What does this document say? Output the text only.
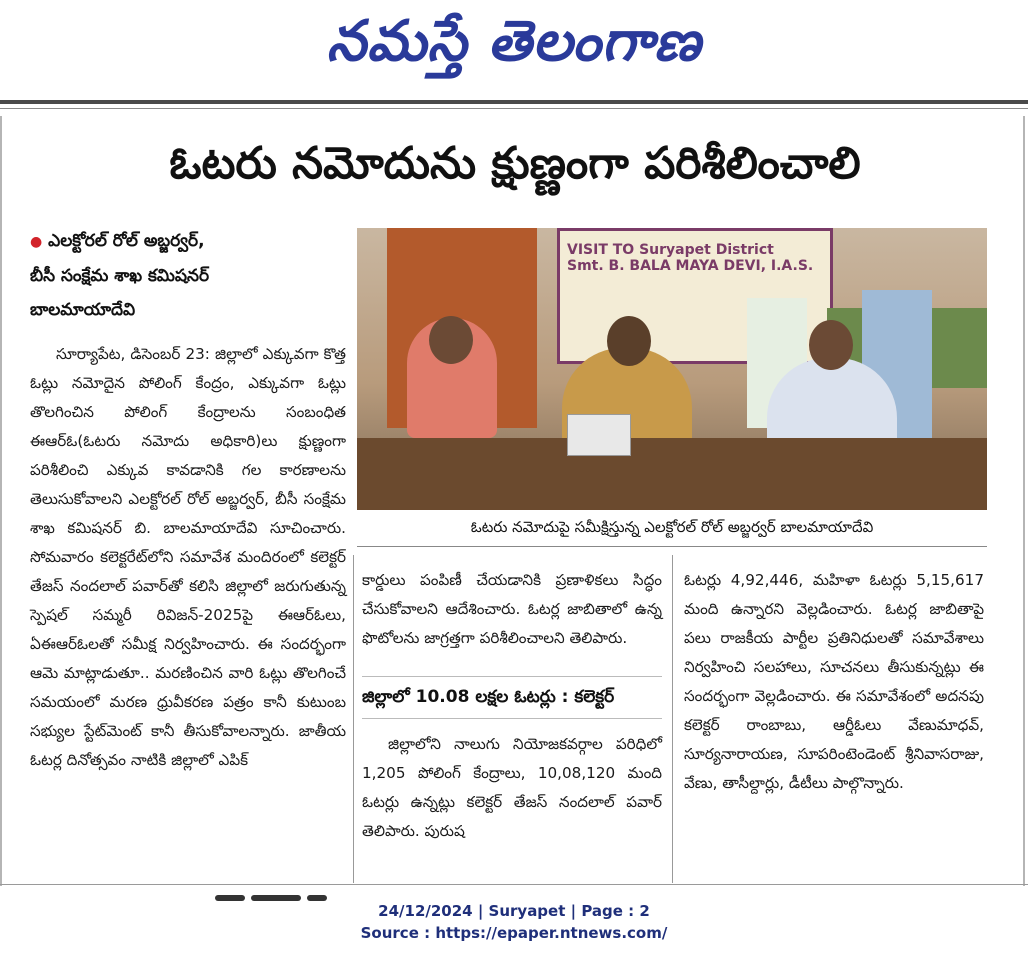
నమస్తే తెలంగాణ
ఓటరు నమోదును క్షుణ్ణంగా పరిశీలించాలి
● ఎలక్టోరల్ రోల్ అబ్జర్వర్,
బీసీ సంక్షేమ శాఖ కమిషనర్
బాలమాయాదేవి
VISIT TO Suryapet District
Smt. B. BALA MAYA DEVI, I.A.S.
ఓటరు నమోదుపై సమీక్షిస్తున్న ఎలక్టోరల్ రోల్ అబ్జర్వర్ బాలమాయాదేవి
సూర్యాపేట, డిసెంబర్ 23: జిల్లాలో ఎక్కువగా కొత్త ఓట్లు నమోదైన పోలింగ్ కేంద్రం, ఎక్కువగా ఓట్లు తొలగించిన పోలింగ్ కేంద్రాలను సంబంధిత ఈఆర్ఓ(ఓటరు నమోదు అధికారి)లు క్షుణ్ణంగా పరిశీలించి ఎక్కువ కావడానికి గల కారణాలను తెలుసుకోవాలని ఎలక్టోరల్ రోల్ అబ్జర్వర్, బీసీ సంక్షేమ శాఖ కమిషనర్ బి. బాలమాయాదేవి సూచించారు. సోమవారం కలెక్టరేట్‌లోని సమావేశ మందిరంలో కలెక్టర్ తేజస్ నందలాల్ పవార్‌తో కలిసి జిల్లాలో జరుగుతున్న స్పెషల్ సమ్మరీ రివిజన్-2025పై ఈఆర్ఓలు, ఏఈఆర్ఓలతో సమీక్ష నిర్వహించారు. ఈ సందర్భంగా ఆమె మాట్లాడుతూ.. మరణించిన వారి ఓట్లు తొలగించే సమయంలో మరణ ధ్రువీకరణ పత్రం కానీ కుటుంబ సభ్యుల స్టేట్‌మెంట్ కానీ తీసుకోవాలన్నారు. జాతీయ ఓటర్ల దినోత్సవం నాటికి జిల్లాలో ఎపిక్
కార్డులు పంపిణీ చేయడానికి ప్రణాళికలు సిద్ధం చేసుకోవాలని ఆదేశించారు. ఓటర్ల జాబితాలో ఉన్న ఫొటోలను జాగ్రత్తగా పరిశీలించాలని తెలిపారు.
జిల్లాలో 10.08 లక్షల ఓటర్లు : కలెక్టర్
జిల్లాలోని నాలుగు నియోజకవర్గాల పరిధిలో 1,205 పోలింగ్ కేంద్రాలు, 10,08,120 మంది ఓటర్లు ఉన్నట్లు కలెక్టర్ తేజస్ నందలాల్ పవార్ తెలిపారు. పురుష
ఓటర్లు 4,92,446, మహిళా ఓటర్లు 5,15,617 మంది ఉన్నారని వెల్లడించారు. ఓటర్ల జాబితాపై పలు రాజకీయ పార్టీల ప్రతినిధులతో సమావేశాలు నిర్వహించి సలహాలు, సూచనలు తీసుకున్నట్లు ఈ సందర్భంగా వెల్లడించారు. ఈ సమావేశంలో అదనపు కలెక్టర్ రాంబాబు, ఆర్డీఓలు వేణుమాధవ్, సూర్యనారాయణ, సూపరింటెండెంట్ శ్రీనివాసరాజు, వేణు, తాసీల్దార్లు, డీటీలు పాల్గొన్నారు.
24/12/2024 | Suryapet | Page : 2
Source : https://epaper.ntnews.com/
